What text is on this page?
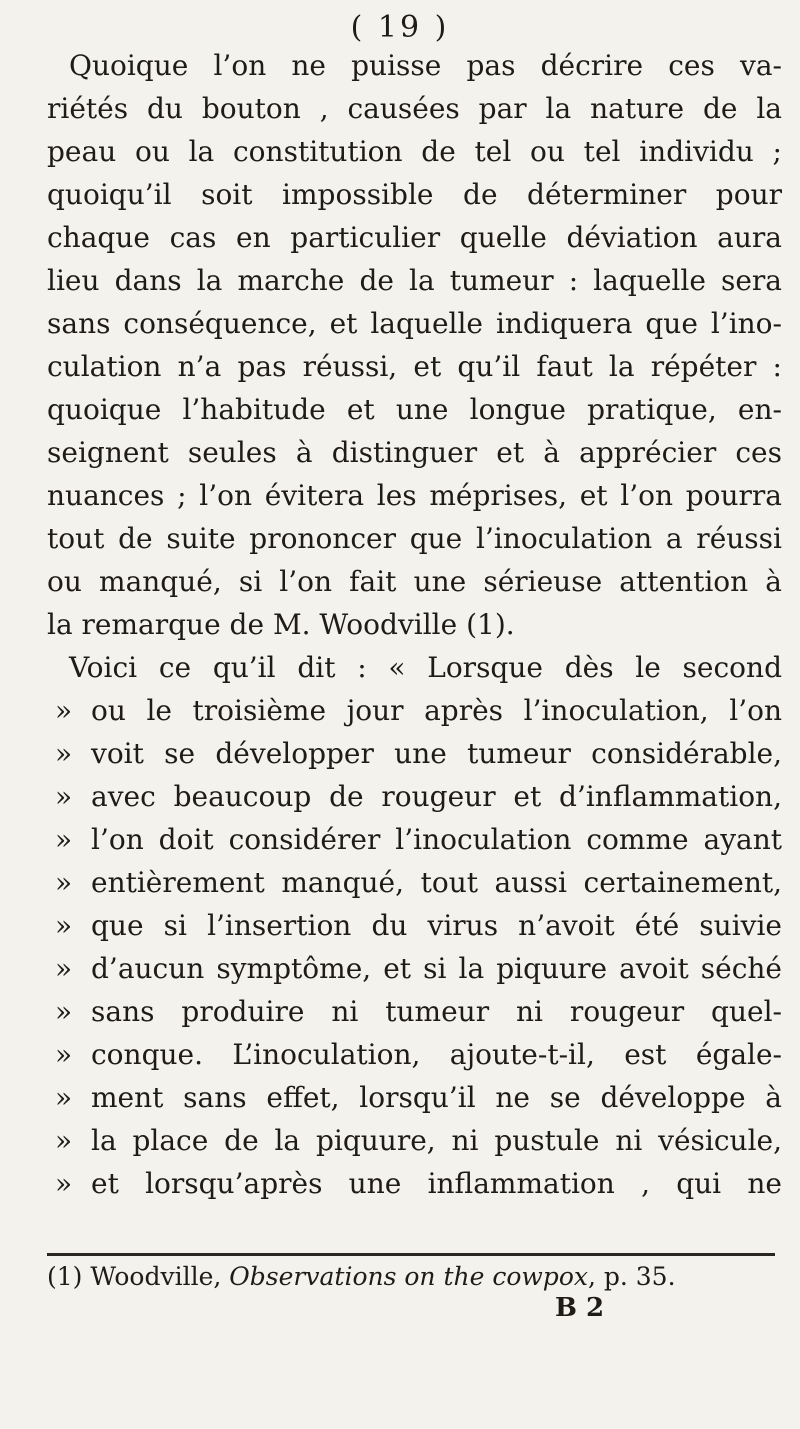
( 19 )
Quoique l’on ne puisse pas décrire ces va-
riétés du bouton , causées par la nature de la
peau ou la constitution de tel ou tel individu ;
quoiqu’il soit impossible de déterminer pour
chaque cas en particulier quelle déviation aura
lieu dans la marche de la tumeur : laquelle sera
sans conséquence, et laquelle indiquera que l’ino-
culation n’a pas réussi, et qu’il faut la répéter :
quoique l’habitude et une longue pratique, en-
seignent seules à distinguer et à apprécier ces
nuances ; l’on évitera les méprises, et l’on pourra
tout de suite prononcer que l’inoculation a réussi
ou manqué, si l’on fait une sérieuse attention à
la remarque de M. Woodville (1).
Voici ce qu’il dit : « Lorsque dès le second
» ou le troisième jour après l’inoculation, l’on
» voit se développer une tumeur considérable,
» avec beaucoup de rougeur et d’inflammation,
» l’on doit considérer l’inoculation comme ayant
» entièrement manqué, tout aussi certainement,
» que si l’insertion du virus n’avoit été suivie
» d’aucun symptôme, et si la piquure avoit séché
» sans produire ni tumeur ni rougeur quel-
» conque. L’inoculation, ajoute-t-il, est égale-
» ment sans effet, lorsqu’il ne se développe à
» la place de la piquure, ni pustule ni vésicule,
» et lorsqu’après une inflammation , qui ne
(1) Woodville, Observations on the cowpox, p. 35.
B 2
